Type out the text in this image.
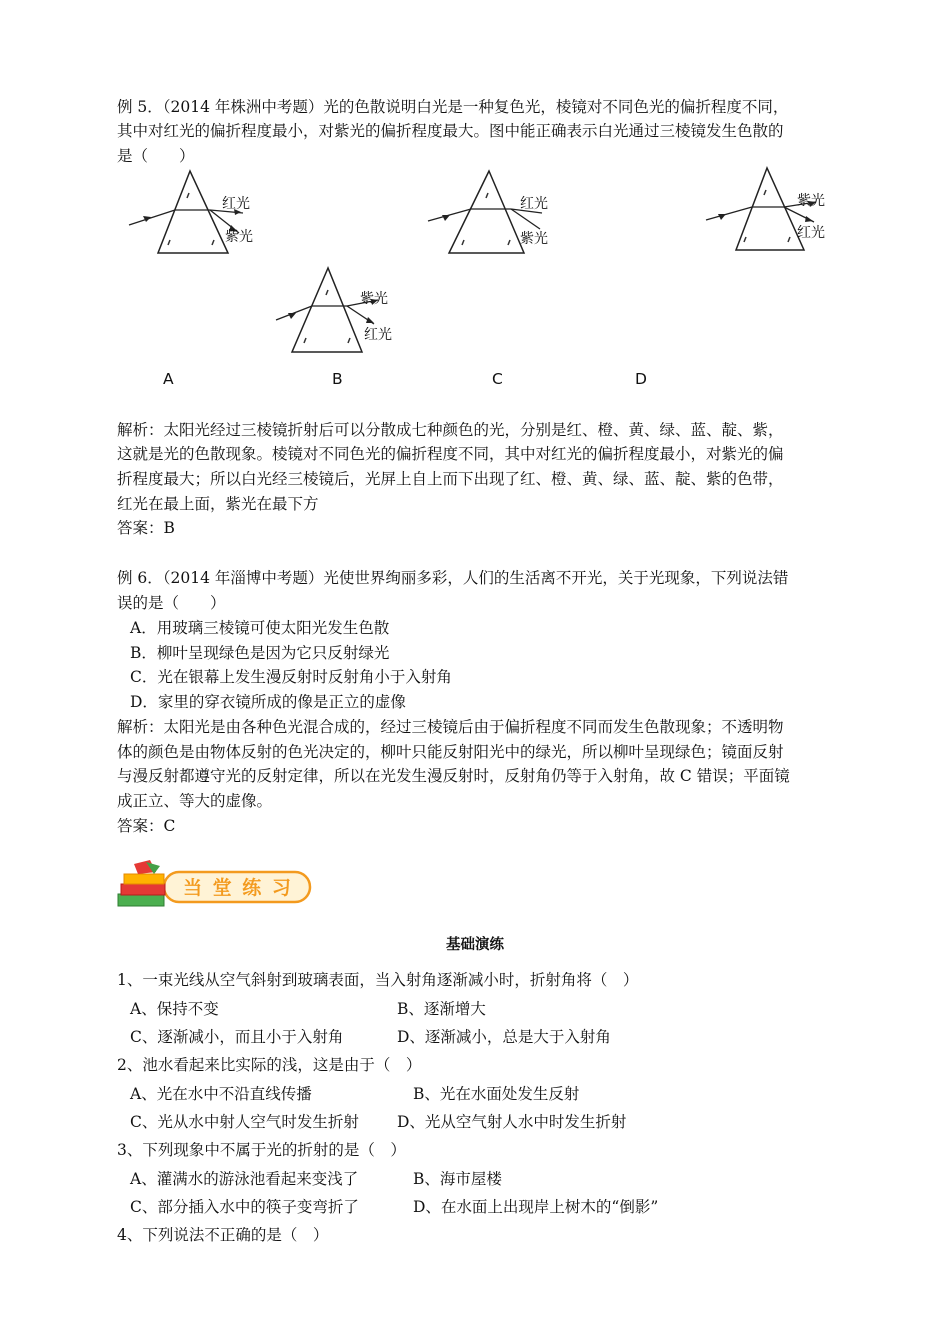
例 5．（2014 年株洲中考题）光的色散说明白光是一种复色光，棱镜对不同色光的偏折程度不同，
其中对红光的偏折程度最小，对紫光的偏折程度最大。图中能正确表示白光通过三棱镜发生色散的
是（　　）
红光
紫光
红光
紫光
紫光
红光
紫光
红光
A	B	C	D
解析：太阳光经过三棱镜折射后可以分散成七种颜色的光，分别是红、橙、黄、绿、蓝、靛、紫，
这就是光的色散现象。棱镜对不同色光的偏折程度不同，其中对红光的偏折程度最小，对紫光的偏
折程度最大；所以白光经三棱镜后，光屏上自上而下出现了红、橙、黄、绿、蓝、靛、紫的色带，
红光在最上面，紫光在最下方
答案：B
例 6．（2014 年淄博中考题）光使世界绚丽多彩，人们的生活离不开光，关于光现象，下列说法错
误的是（　　）
A．用玻璃三棱镜可使太阳光发生色散
B．柳叶呈现绿色是因为它只反射绿光
C．光在银幕上发生漫反射时反射角小于入射角
D．家里的穿衣镜所成的像是正立的虚像
解析：太阳光是由各种色光混合成的，经过三棱镜后由于偏折程度不同而发生色散现象；不透明物
体的颜色是由物体反射的色光决定的，柳叶只能反射阳光中的绿光，所以柳叶呈现绿色；镜面反射
与漫反射都遵守光的反射定律，所以在光发生漫反射时，反射角仍等于入射角，故 C 错误；平面镜
成正立、等大的虚像。
答案：C
当 堂 练 习
基础演练
1、一束光线从空气斜射到玻璃表面，当入射角逐渐减小时，折射角将（　）
A、保持不变	B、逐渐增大
C、逐渐减小，而且小于入射角	D、逐渐减小，总是大于入射角
2、池水看起来比实际的浅，这是由于（　）
A、光在水中不沿直线传播	B、光在水面处发生反射
C、光从水中射人空气时发生折射 D、光从空气射人水中时发生折射
3、下列现象中不属于光的折射的是（　）
A、灌满水的游泳池看起来变浅了	B、海市屋楼
C、部分插入水中的筷子变弯折了	D、在水面上出现岸上树木的“倒影”
4、下列说法不正确的是（　）
